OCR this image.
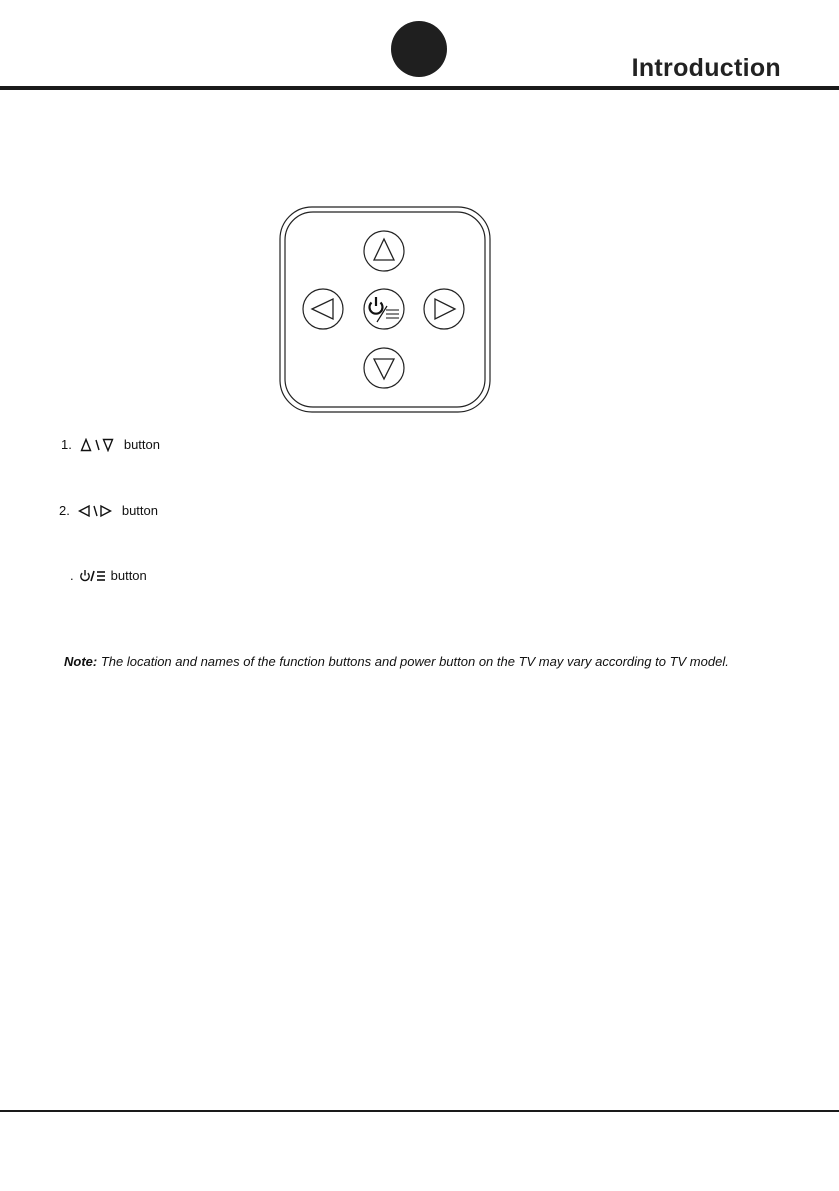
Introduction
1.	button
2.	button
.	button
Note: The location and names of the function buttons and power button on the TV may vary according to TV model.
